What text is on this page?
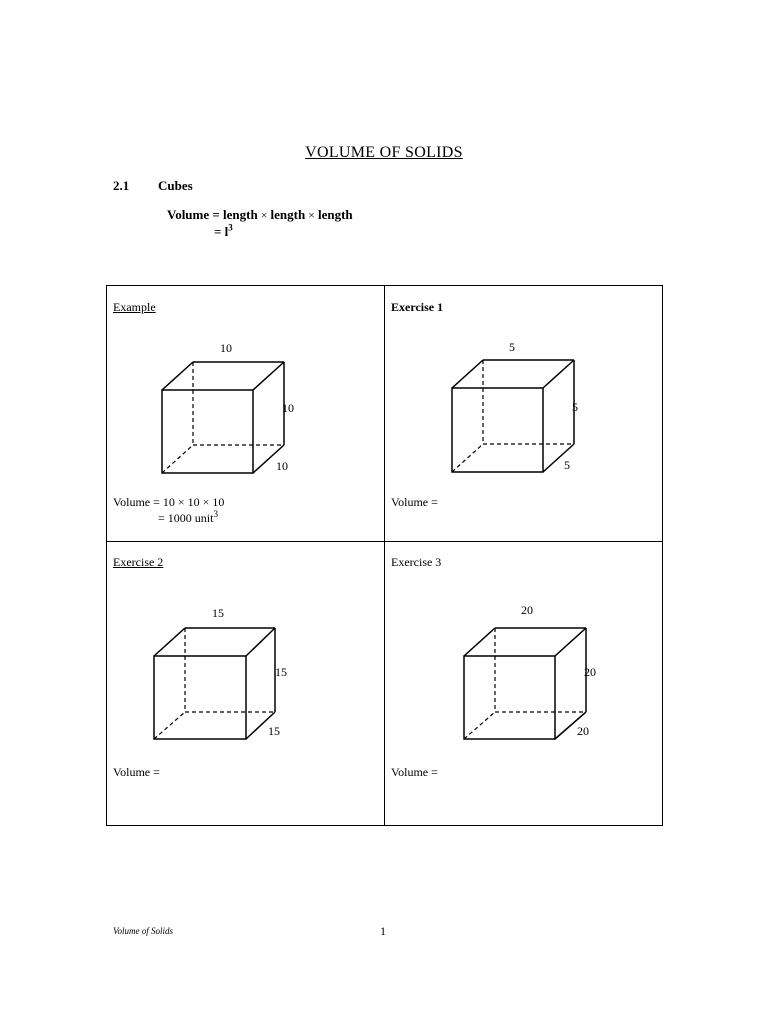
VOLUME OF SOLIDS
2.1 Cubes
Volume = length × length × length
= $l^3$
Example
10
10
10
Volume = 10 × 10 × 10
= 1000 unit$^3$
Exercise 1
5
5
5
Volume =
Exercise 2
15
15
15
Volume =
Exercise 3
20
20
20
Volume =
Volume of Solids	1
